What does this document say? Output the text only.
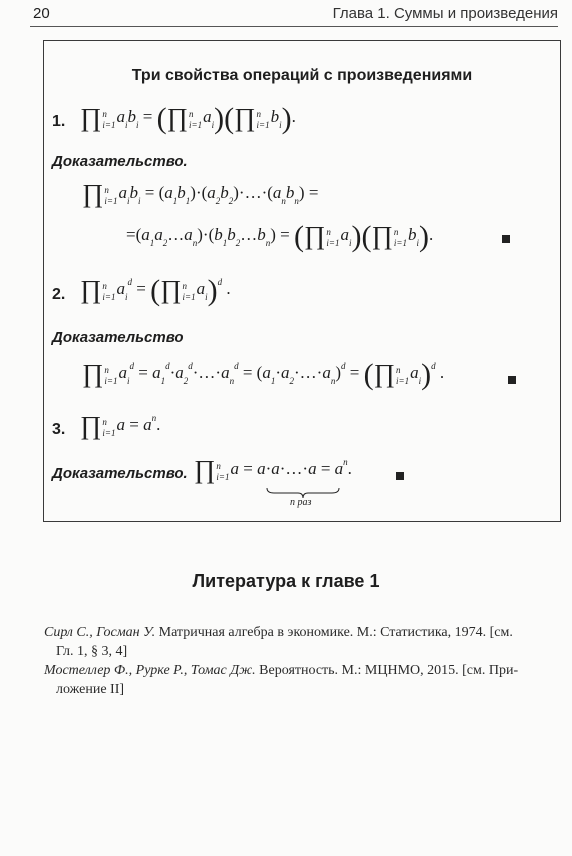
20	Глава 1. Суммы и произведения
Три свойства операций с произведениями
1. ∏ n
i=1 $a_ib_i$ = (∏ n
i=1 $a_i)(\prod$ n
i=1 $b_i$).
Доказательство.
∏ n
i=1 $a_ib_i$ = $(a_1b_1)\cdot(a_2b_2)\cdot\dots\cdot(a_nb_n)$ =
$=(a_1a_2\dots a_n)\cdot(b_1b_2\dots b_n)$ = (∏ n
i=1 $a_i)(\prod$ n
i=1 $b_i$).
2. ∏ n
i=1 $a_i^d$ = (∏ n
i=1 $a_i)^d$ .
Доказательство
∏ n
i=1 $a_i^d$ = $a_1^d\cdot a_2^d\cdot\dots\cdot a_n^d$ = $(a_1\cdot a_2\cdot\dots\cdot a_n)^d$ = (∏ n
i=1 $a_i)^d$ .
3. ∏ n
i=1 $a = a^n$.
Доказательство. ∏ n
i=1 a = a·a·…·a = $a^n$.
n раз
Литература к главе 1
Сирл С., Госман У. Матричная алгебра в экономике. М.: Статистика, 1974. [см.
Гл. 1, § 3, 4]
Мостеллер Ф., Рурке Р., Томас Дж. Вероятность. М.: МЦНМО, 2015. [см. При-
ложение II]
